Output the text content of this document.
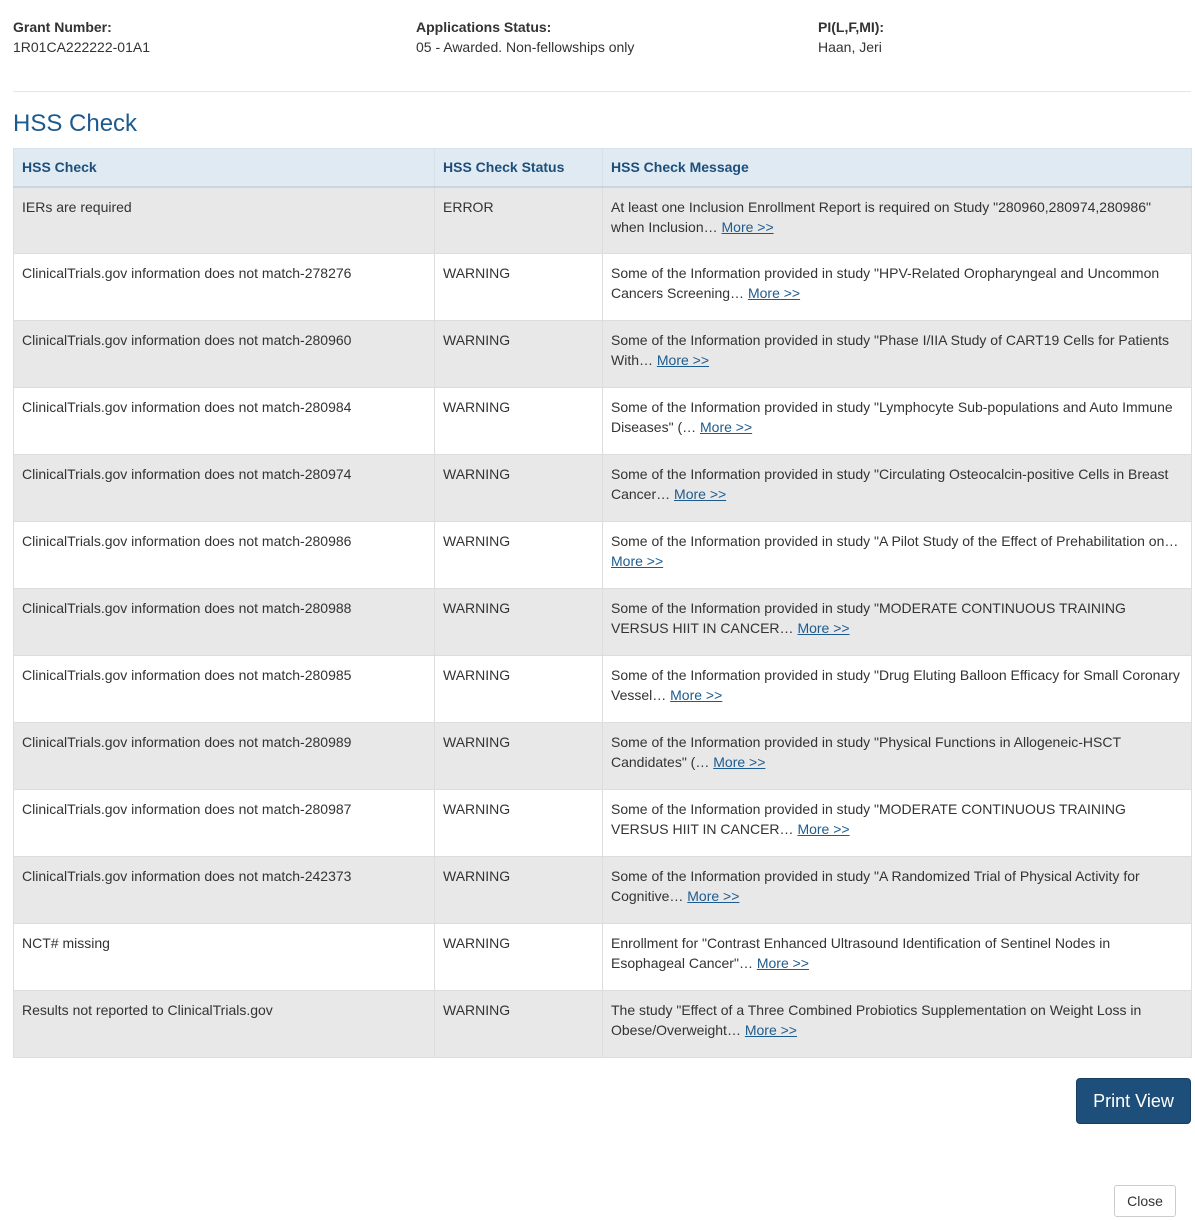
Grant Number:
1R01CA222222-01A1
Applications Status:
05 - Awarded. Non-fellowships only
PI(L,F,MI):
Haan, Jeri
HSS Check
HSS Check	HSS Check Status	HSS Check Message
IERs are required	ERROR	At least one Inclusion Enrollment Report is required on Study "280960,280974,280986" when Inclusion… More >>
ClinicalTrials.gov information does not match-278276	WARNING	Some of the Information provided in study "HPV-Related Oropharyngeal and Uncommon Cancers Screening… More >>
ClinicalTrials.gov information does not match-280960	WARNING	Some of the Information provided in study "Phase I/IIA Study of CART19 Cells for Patients With… More >>
ClinicalTrials.gov information does not match-280984	WARNING	Some of the Information provided in study "Lymphocyte Sub-populations and Auto Immune Diseases" (… More >>
ClinicalTrials.gov information does not match-280974	WARNING	Some of the Information provided in study "Circulating Osteocalcin-positive Cells in Breast Cancer… More >>
ClinicalTrials.gov information does not match-280986	WARNING	Some of the Information provided in study "A Pilot Study of the Effect of Prehabilitation on… More >>
ClinicalTrials.gov information does not match-280988	WARNING	Some of the Information provided in study "MODERATE CONTINUOUS TRAINING VERSUS HIIT IN CANCER… More >>
ClinicalTrials.gov information does not match-280985	WARNING	Some of the Information provided in study "Drug Eluting Balloon Efficacy for Small Coronary Vessel… More >>
ClinicalTrials.gov information does not match-280989	WARNING	Some of the Information provided in study "Physical Functions in Allogeneic-HSCT Candidates" (… More >>
ClinicalTrials.gov information does not match-280987	WARNING	Some of the Information provided in study "MODERATE CONTINUOUS TRAINING VERSUS HIIT IN CANCER… More >>
ClinicalTrials.gov information does not match-242373	WARNING	Some of the Information provided in study "A Randomized Trial of Physical Activity for Cognitive… More >>
NCT# missing	WARNING	Enrollment for "Contrast Enhanced Ultrasound Identification of Sentinel Nodes in Esophageal Cancer"… More >>
Results not reported to ClinicalTrials.gov	WARNING	The study "Effect of a Three Combined Probiotics Supplementation on Weight Loss in Obese/Overweight… More >>
Print View
Close
